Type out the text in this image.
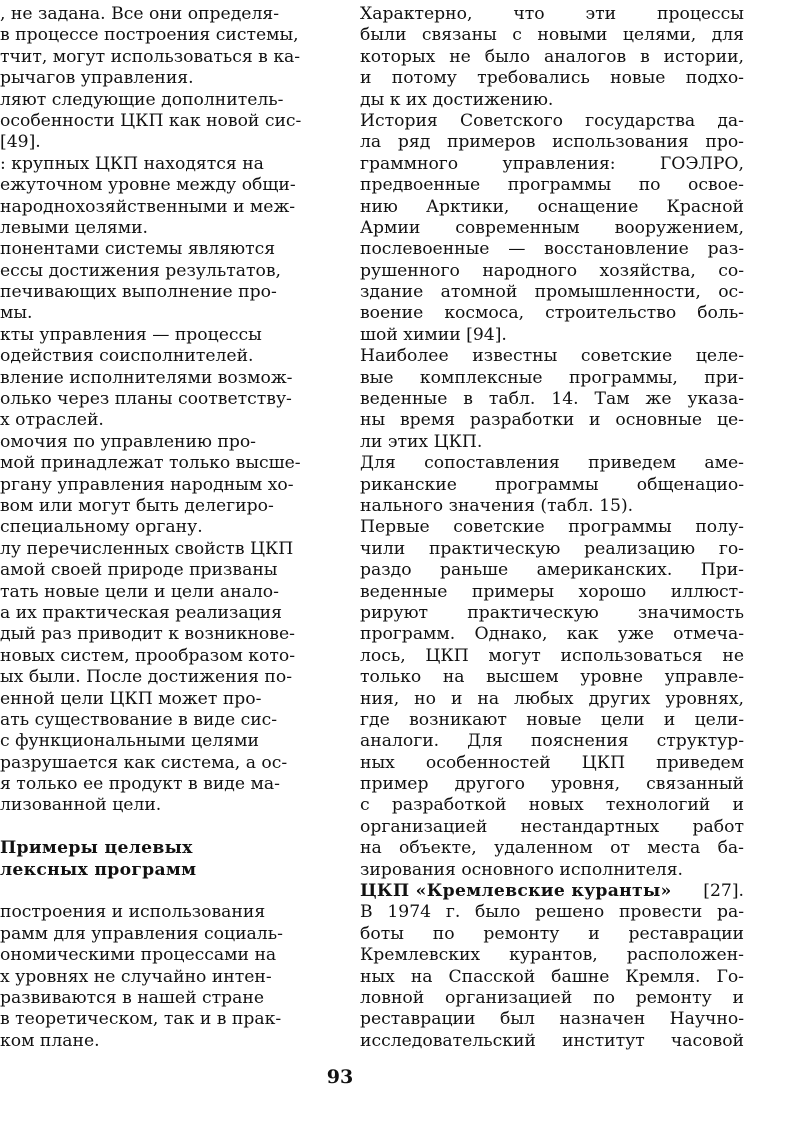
, не задана. Все они определя-
в процессе построения системы,
тчит, могут использоваться в ка-
рычагов управления.
ляют следующие дополнитель-
особенности ЦКП как новой сис-
[49].
: крупных ЦКП находятся на
ежуточном уровне между общи-
народнохозяйственными и меж-
левыми целями.
понентами системы являются
ессы достижения результатов,
печивающих выполнение про-
мы.
кты управления — процессы
одействия соисполнителей.
вление исполнителями возмож-
олько через планы соответству-
х отраслей.
омочия по управлению про-
мой принадлежат только высше-
ргану управления народным хо-
вом или могут быть делегиро-
специальному органу.
лу перечисленных свойств ЦКП
амой своей природе призваны
тать новые цели и цели анало-
а их практическая реализация
дый раз приводит к возникнове-
новых систем, прообразом кото-
ых были. После достижения по-
енной цели ЦКП может про-
ать существование в виде сис-
с функциональными целями
разрушается как система, а ос-
я только ее продукт в виде ма-
лизованной цели.
Примеры целевых
лексных программ
построения и использования
рамм для управления социаль-
ономическими процессами на
х уровнях не случайно интен-
развиваются в нашей стране
в теоретическом, так и в прак-
ком плане.
Характерно, что эти процессы
были связаны с новыми целями, для
которых не было аналогов в истории,
и потому требовались новые подхо-
ды к их достижению.
История Советского государства да-
ла ряд примеров использования про-
граммного управления: ГОЭЛРО,
предвоенные программы по освое-
нию Арктики, оснащение Красной
Армии современным вооружением,
послевоенные — восстановление раз-
рушенного народного хозяйства, со-
здание атомной промышленности, ос-
воение космоса, строительство боль-
шой химии [94].
Наиболее известны советские целе-
вые комплексные программы, при-
веденные в табл. 14. Там же указа-
ны время разработки и основные це-
ли этих ЦКП.
Для сопоставления приведем аме-
риканские программы общенацио-
нального значения (табл. 15).
Первые советские программы полу-
чили практическую реализацию го-
раздо раньше американских. При-
веденные примеры хорошо иллюст-
рируют практическую значимость
программ. Однако, как уже отмеча-
лось, ЦКП могут использоваться не
только на высшем уровне управле-
ния, но и на любых других уровнях,
где возникают новые цели и цели-
аналоги. Для пояснения структур-
ных особенностей ЦКП приведем
пример другого уровня, связанный
с разработкой новых технологий и
организацией нестандартных работ
на объекте, удаленном от места ба-
зирования основного исполнителя.
ЦКП «Кремлевские куранты» [27].
В 1974 г. было решено провести ра-
боты по ремонту и реставрации
Кремлевских курантов, расположен-
ных на Спасской башне Кремля. Го-
ловной организацией по ремонту и
реставрации был назначен Научно-
исследовательский институт часовой
93
